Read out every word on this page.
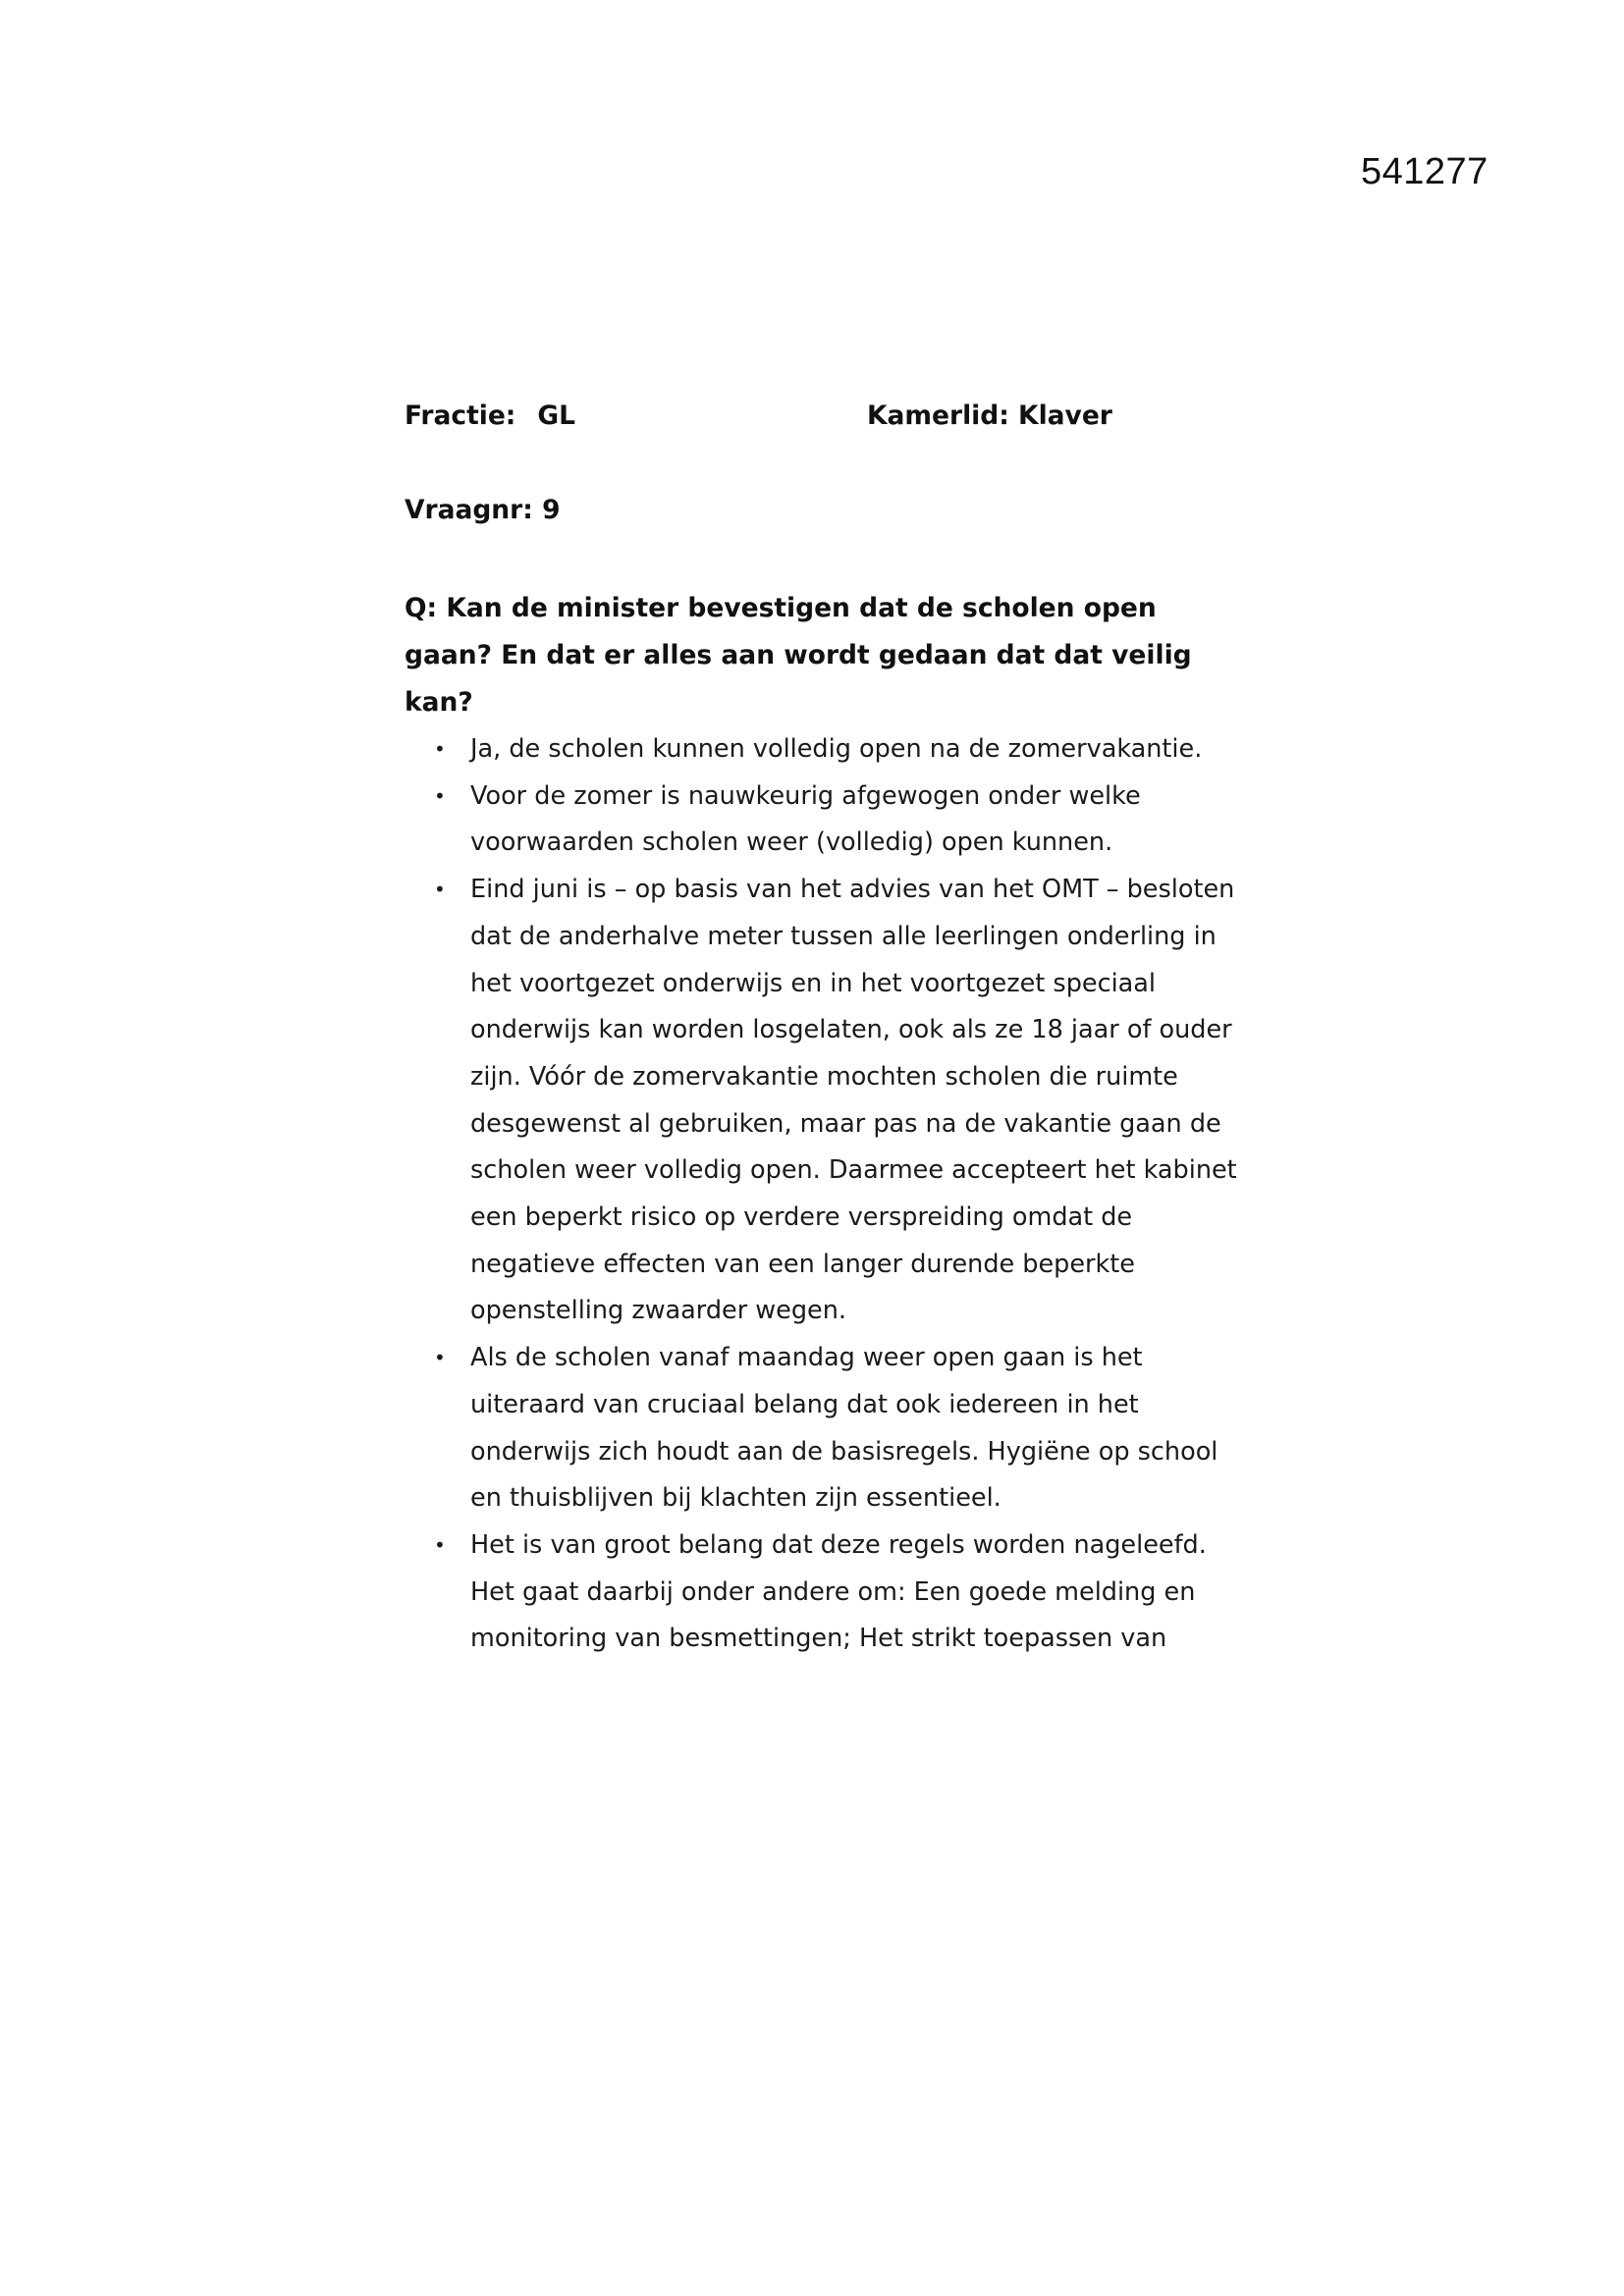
541277
Fractie: GL	Kamerlid: Klaver
Vraagnr: 9
Q: Kan de minister bevestigen dat de scholen open gaan? En dat er alles aan wordt gedaan dat dat veilig kan?
• Ja, de scholen kunnen volledig open na de zomervakantie.
• Voor de zomer is nauwkeurig afgewogen onder welke voorwaarden scholen weer (volledig) open kunnen.
• Eind juni is – op basis van het advies van het OMT – besloten dat de anderhalve meter tussen alle leerlingen onderling in het voortgezet onderwijs en in het voortgezet speciaal onderwijs kan worden losgelaten, ook als ze 18 jaar of ouder zijn. Vóór de zomervakantie mochten scholen die ruimte desgewenst al gebruiken, maar pas na de vakantie gaan de scholen weer volledig open. Daarmee accepteert het kabinet een beperkt risico op verdere verspreiding omdat de negatieve effecten van een langer durende beperkte openstelling zwaarder wegen.
• Als de scholen vanaf maandag weer open gaan is het uiteraard van cruciaal belang dat ook iedereen in het onderwijs zich houdt aan de basisregels. Hygiëne op school en thuisblijven bij klachten zijn essentieel.
• Het is van groot belang dat deze regels worden nageleefd. Het gaat daarbij onder andere om: Een goede melding en monitoring van besmettingen; Het strikt toepassen van
